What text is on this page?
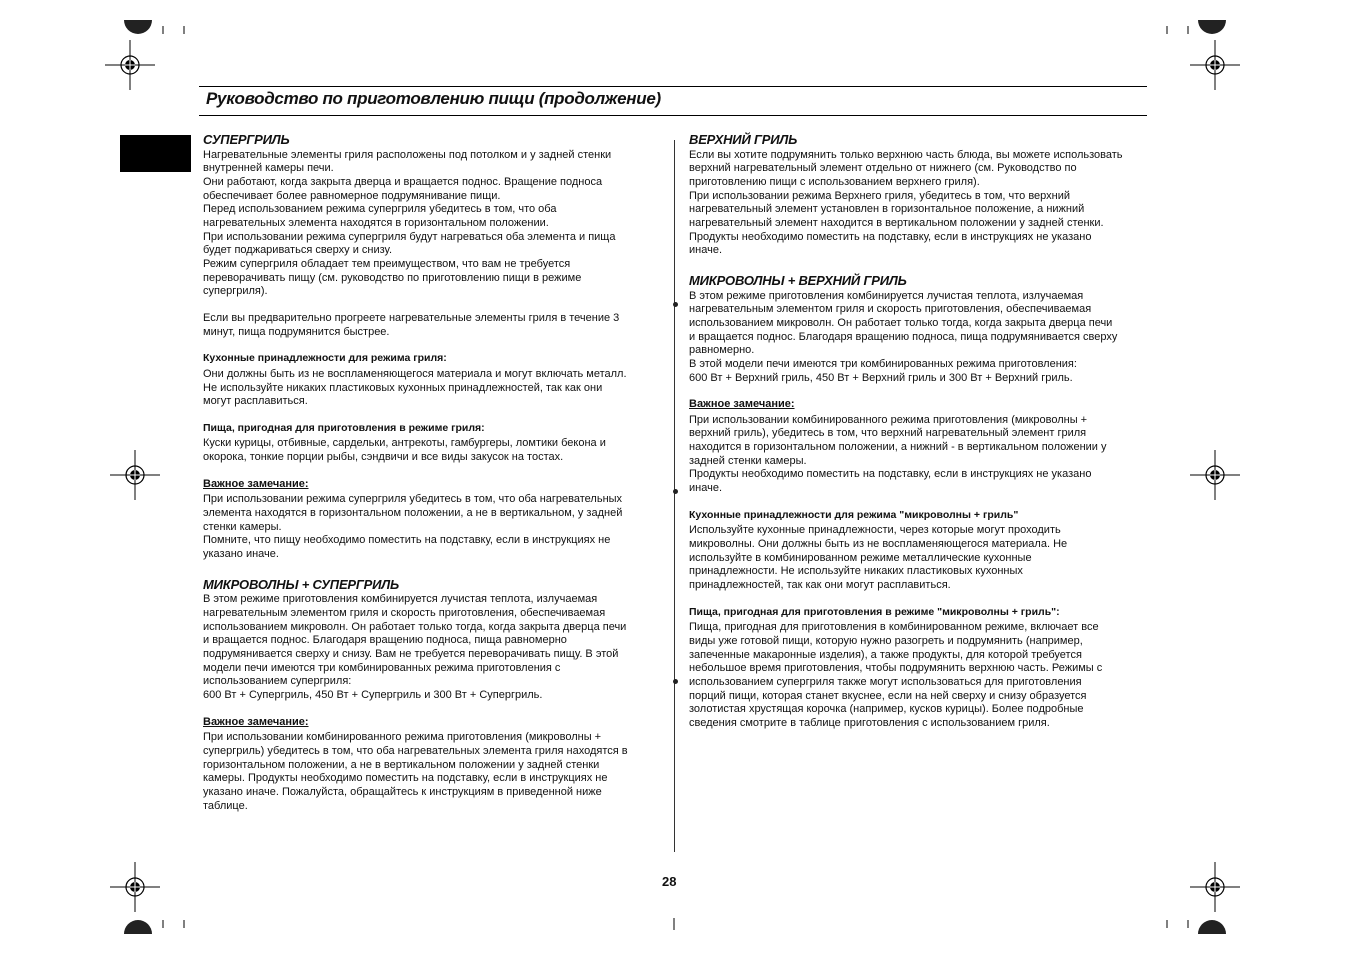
Руководство по приготовлению пищи (продолжение)
СУПЕРГРИЛЬ

Нагревательные элементы гриля расположены под потолком и у задней стенки
внутренней камеры печи.
Они работают, когда закрыта дверца и вращается поднос. Вращение подноса
обеспечивает более равномерное подрумянивание пищи.
Перед использованием режима супергриля убедитесь в том, что оба
нагревательных элемента находятся в горизонтальном положении.
При использовании режима супергриля будут нагреваться оба элемента и пища
будет поджариваться сверху и снизу.
Режим супергриля обладает тем преимуществом, что вам не требуется
переворачивать пищу (см. руководство по приготовлению пищи в режиме
супергриля).

Если вы предварительно прогреете нагревательные элементы гриля в течение 3
минут, пища подрумянится быстрее.

Кухонные принадлежности для режима гриля:

Они должны быть из не воспламеняющегося материала и могут включать металл.
Не используйте никаких пластиковых кухонных принадлежностей, так как они
могут расплавиться.

Пища, пригодная для приготовления в режиме гриля:

Куски курицы, отбивные, сардельки, антрекоты, гамбургеры, ломтики бекона и
окорока, тонкие порции рыбы, сэндвичи и все виды закусок на тостах.

Важное замечание:

При использовании режима супергриля убедитесь в том, что оба нагревательных
элемента находятся в горизонтальном положении, а не в вертикальном, у задней
стенки камеры.
Помните, что пищу необходимо поместить на подставку, если в инструкциях не
указано иначе.

МИКРОВОЛНЫ + СУПЕРГРИЛЬ

В этом режиме приготовления комбинируется лучистая теплота, излучаемая
нагревательным элементом гриля и скорость приготовления, обеспечиваемая
использованием микроволн. Он работает только тогда, когда закрыта дверца печи
и вращается поднос. Благодаря вращению подноса, пища равномерно
подрумянивается сверху и снизу. Вам не требуется переворачивать пищу. В этой
модели печи имеются три комбинированных режима приготовления с
использованием супергриля:
600 Вт + Супергриль, 450 Вт + Супергриль и 300 Вт + Супергриль.

Важное замечание:

При использовании комбинированного режима приготовления (микроволны +
супергриль) убедитесь в том, что оба нагревательных элемента гриля находятся в
горизонтальном положении, а не в вертикальном положении у задней стенки
камеры. Продукты необходимо поместить на подставку, если в инструкциях не
указано иначе. Пожалуйста, обращайтесь к инструкциям в приведенной ниже
таблице.

ВЕРХНИЙ ГРИЛЬ

Если вы хотите подрумянить только верхнюю часть блюда, вы можете использовать
верхний нагревательный элемент отдельно от нижнего (см. Руководство по
приготовлению пищи с использованием верхнего гриля).
При использовании режима Верхнего гриля, убедитесь в том, что верхний
нагревательный элемент установлен в горизонтальное положение, а нижний
нагревательный элемент находится в вертикальном положении у задней стенки.
Продукты необходимо поместить на подставку, если в инструкциях не указано
иначе.

МИКРОВОЛНЫ + ВЕРХНИЙ ГРИЛЬ

В этом режиме приготовления комбинируется лучистая теплота, излучаемая
нагревательным элементом гриля и скорость приготовления, обеспечиваемая
использованием микроволн. Он работает только тогда, когда закрыта дверца печи
и вращается поднос. Благодаря вращению подноса, пища подрумянивается сверху
равномерно.
В этой модели печи имеются три комбинированных режима приготовления:
600 Вт + Верхний гриль, 450 Вт + Верхний гриль и 300 Вт + Верхний гриль.

Важное замечание:

При использовании комбинированного режима приготовления (микроволны +
верхний гриль), убедитесь в том, что верхний нагревательный элемент гриля
находится в горизонтальном положении, а нижний - в вертикальном положении у
задней стенки камеры.
Продукты необходимо поместить на подставку, если в инструкциях не указано
иначе.

Кухонные принадлежности для режима "микроволны + гриль"

Используйте кухонные принадлежности, через которые могут проходить
микроволны. Они должны быть из не воспламеняющегося материала. Не
используйте в комбинированном режиме металлические кухонные
принадлежности. Не используйте никаких пластиковых кухонных
принадлежностей, так как они могут расплавиться.

Пища, пригодная для приготовления в режиме "микроволны + гриль":

Пища, пригодная для приготовления в комбинированном режиме, включает все
виды уже готовой пищи, которую нужно разогреть и подрумянить (например,
запеченные макаронные изделия), а также продукты, для которой требуется
небольшое время приготовления, чтобы подрумянить верхнюю часть. Режимы с
использованием супергриля также могут использоваться для приготовления
порций пищи, которая станет вкуснее, если на ней сверху и снизу образуется
золотистая хрустящая корочка (например, кусков курицы). Более подробные
сведения смотрите в таблице приготовления с использованием гриля.

28
